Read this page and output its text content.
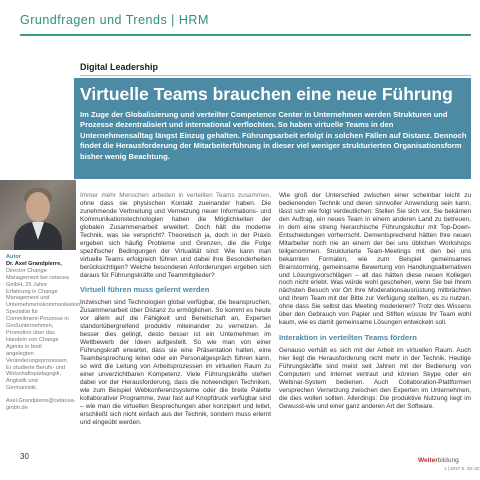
Grundfragen und Trends | HRM
Digital Leadership
Virtuelle Teams brauchen eine neue Führung
Im Zuge der Globalisierung und verteilter Competence Center in Unternehmen werden Strukturen und Prozesse dezentralisiert und international verflochten. So haben virtuelle Teams in den Unternehmensalltag längst Einzug gehalten. Führungsarbeit erfolgt in solchen Fällen auf Distanz. Dennoch findet die Herausforderung der Mitarbeiterführung in dieser viel weniger strukturierten Organisationsform bisher wenig Beachtung.
Autor
Dr. Axel Grandpierre,
Director Change Management bei cetacea GmbH, 25 Jahre Erfahrung in Change Management und Unternehmenskommunikation, Spezialist für Commitment-Prozesse in Großunternehmen, Promotion über das Handeln von Change Agents in breit angelegten Veränderungsprozessen. Er studierte Berufs- und Wirtschaftspädagogik, Anglistik und Germanistik.
Axel.Grandpierre@cetacea-gmbh.de

Immer mehr Menschen arbeiten in verteilten Teams zusammen, ohne dass sie physischen Kontakt zueinander haben. Die zunehmende Verbreitung und Vernetzung neuer Informations- und Kommunikationstechnologien haben die Möglichkeiten der globalen Zusammenarbeit erweitert. Doch hält die moderne Technik, was sie verspricht? Theoretisch ja, doch in der Praxis ergeben sich häufig Probleme und Grenzen, die die Folge spezifischer Bedingungen der Virtualität sind: Wie kann man virtuelle Teams erfolgreich führen und dabei ihre Besonderheiten berücksichtigen? Welche besonderen Anforderungen ergeben sich daraus für Führungskräfte und Teammitglieder?

Virtuell führen muss gelernt werden

Inzwischen sind Technologien global verfügbar, die beanspruchen, Zusammenarbeit über Distanz zu ermöglichen. So kommt es heute vor allem auf die Fähigkeit und Bereitschaft an, Experten standortübergreifend produktiv miteinander zu vernetzen. Je besser dies gelingt, desto besser ist ein Unternehmen im Wettbewerb der Ideen aufgestellt. So wie man von einer Führungskraft erwartet, dass sie eine Präsentation halten, eine Teambesprechung leiten oder ein Personalgespräch führen kann, so wird die Leitung von Arbeitsprozessen im virtuellen Raum zu einer unverzichtbaren Kompetenz. Viele Führungskräfte stehen dabei vor der Herausforderung, dass die notwendigen Techniken, wie zum Beispiel Webkonferenzsysteme oder die breite Palette kollaborativer Programme, zwar fast auf Knopfdruck verfügbar sind – wie man die virtuellen Besprechungen aber konzipiert und leitet, erschließt sich nicht einfach aus der Technik, sondern muss erlernt und eingeübt werden.

Wie groß der Unterschied zwischen einer scheinbar leicht zu bedienenden Technik und deren sinnvoller Anwendung sein kann, lässt sich wie folgt verdeutlichen: Stellen Sie sich vor, Sie bekämen den Auftrag, ein neues Team in einem anderen Land zu betreuen, in dem eine streng hierarchische Führungskultur mit Top-Down-Entscheidungen vorherrscht. Dementsprechend hätten Ihre neuen Mitarbeiter noch nie an einem der bei uns üblichen Workshops teilgenommen. Strukturierte Team-Meetings mit den bei uns bekannten Formaten, wie zum Beispiel gemeinsames Brainstorming, gemeinsame Bewertung von Handlungsalternativen und Lösungsvorschlägen – all das hätten diese neuen Kollegen noch nicht erlebt. Was würde wohl geschehen, wenn Sie bei Ihrem nächsten Besuch vor Ort Ihre Moderationsausrüstung mitbrächten und Ihrem Team mit der Bitte zur Verfügung stellten, es zu nutzen, ohne dass Sie selbst das Meeting moderieren? Trotz des Wissens über den Gebrauch von Papier und Stiften wüsste Ihr Team wohl kaum, wie es damit gemeinsame Lösungen entwickeln soll.

Interaktion in verteilten Teams fördern

Genauso verhält es sich mit der Arbeit im virtuellen Raum. Auch hier liegt die Herausforderung nicht mehr in der Technik. Heutige Führungskräfte sind meist seit Jahren mit der Bedienung von Computern und Internet vertraut und können Skype oder ein Webinar-System bedienen. Auch Collaboration-Plattformen versprechen Vernetzung zwischen den Experten im Unternehmen, die dies wollen sollten. Allerdings: Die produktive Nutzung liegt im Gewusst-wie und einer ganz anderen Art der Software.

30	Weiterbildung
1 | 2017 S. 30–32
